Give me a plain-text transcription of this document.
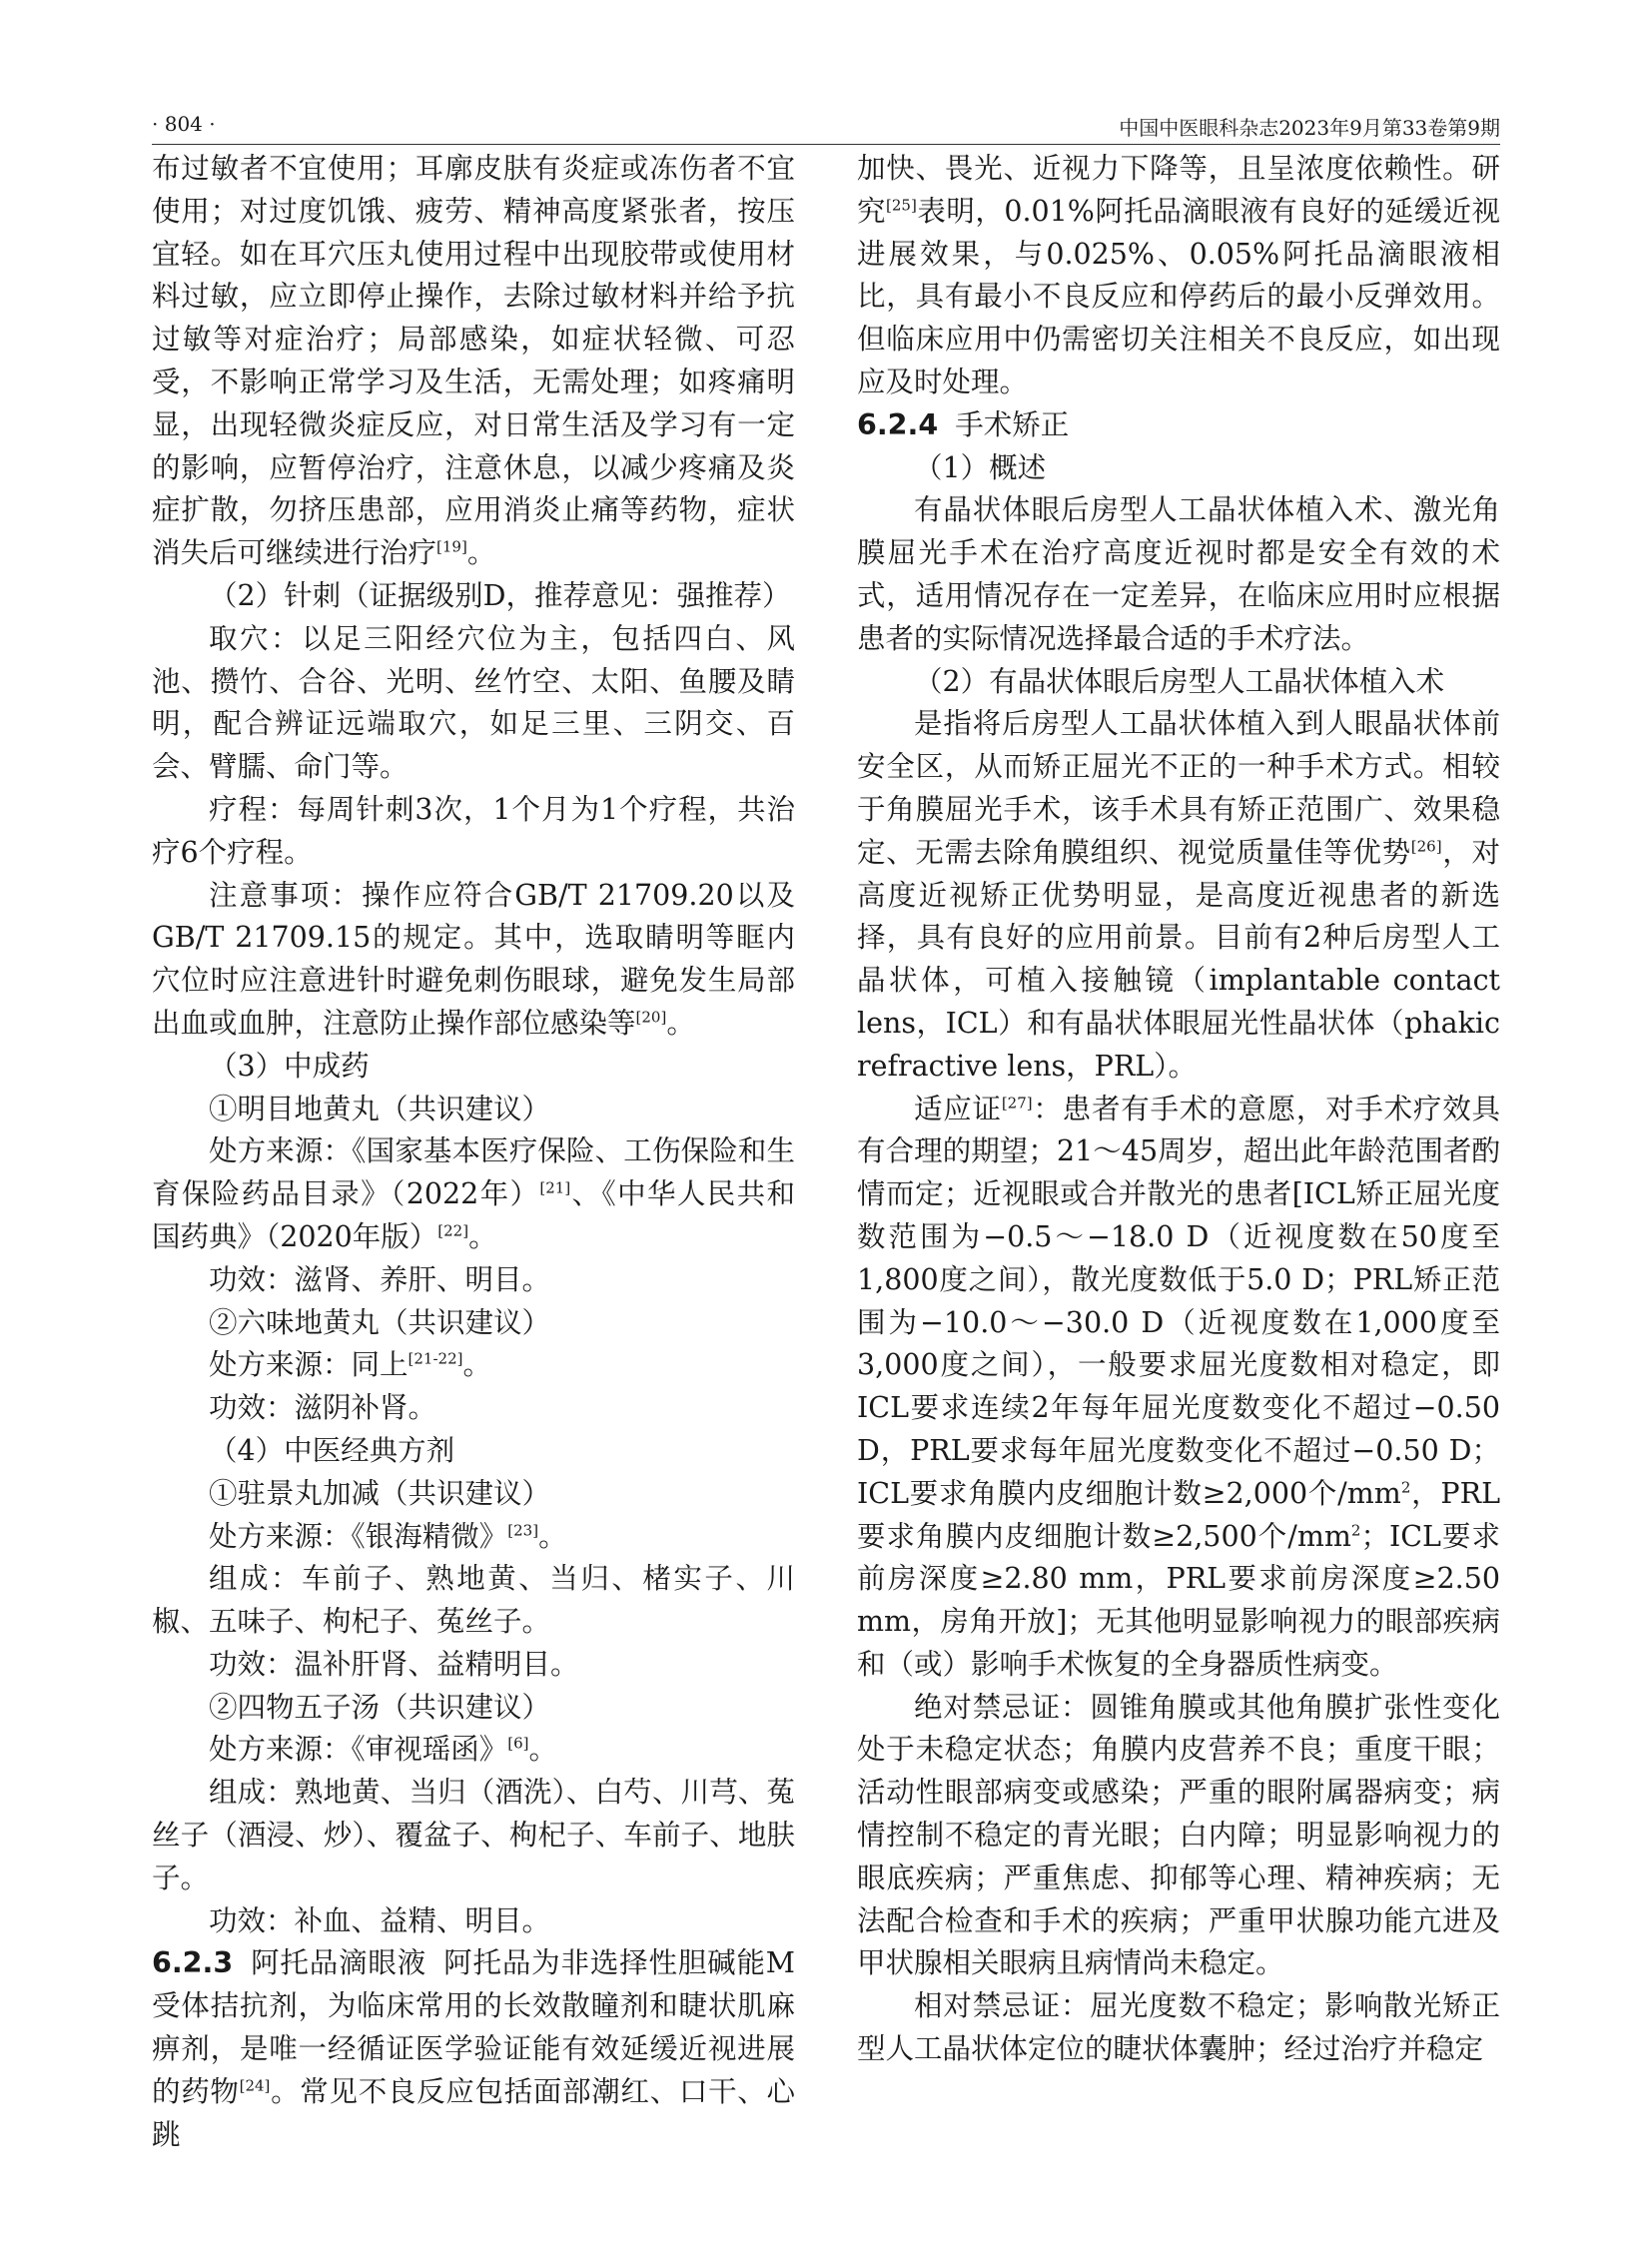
· 804 ·	中国中医眼科杂志2023年9月第33卷第9期

布过敏者不宜使用；耳廓皮肤有炎症或冻伤者不宜使用；对过度饥饿、疲劳、精神高度紧张者，按压宜轻。如在耳穴压丸使用过程中出现胶带或使用材料过敏，应立即停止操作，去除过敏材料并给予抗过敏等对症治疗；局部感染，如症状轻微、可忍受，不影响正常学习及生活，无需处理；如疼痛明显，出现轻微炎症反应，对日常生活及学习有一定的影响，应暂停治疗，注意休息，以减少疼痛及炎症扩散，勿挤压患部，应用消炎止痛等药物，症状消失后可继续进行治疗[19]。

（2）针刺（证据级别D，推荐意见：强推荐）

取穴：以足三阳经穴位为主，包括四白、风池、攒竹、合谷、光明、丝竹空、太阳、鱼腰及睛明，配合辨证远端取穴，如足三里、三阴交、百会、臂臑、命门等。

疗程：每周针刺3次，1个月为1个疗程，共治疗6个疗程。

注意事项：操作应符合GB/T 21709.20以及GB/T 21709.15的规定。其中，选取睛明等眶内穴位时应注意进针时避免刺伤眼球，避免发生局部出血或血肿，注意防止操作部位感染等[20]。

（3）中成药

①明目地黄丸（共识建议）

处方来源：《国家基本医疗保险、工伤保险和生育保险药品目录》（2022年）[21]、《中华人民共和国药典》（2020年版）[22]。

功效：滋肾、养肝、明目。

②六味地黄丸（共识建议）

处方来源：同上[21-22]。

功效：滋阴补肾。

（4）中医经典方剂

①驻景丸加减（共识建议）

处方来源：《银海精微》[23]。

组成：车前子、熟地黄、当归、楮实子、川椒、五味子、枸杞子、菟丝子。

功效：温补肝肾、益精明目。

②四物五子汤（共识建议）

处方来源：《审视瑶函》[6]。

组成：熟地黄、当归（酒洗）、白芍、川芎、菟丝子（酒浸、炒）、覆盆子、枸杞子、车前子、地肤子。

功效：补血、益精、明目。

6.2.3 阿托品滴眼液 阿托品为非选择性胆碱能M受体拮抗剂，为临床常用的长效散瞳剂和睫状肌麻痹剂，是唯一经循证医学验证能有效延缓近视进展的药物[24]。常见不良反应包括面部潮红、口干、心跳

加快、畏光、近视力下降等，且呈浓度依赖性。研究[25]表明，0.01%阿托品滴眼液有良好的延缓近视进展效果，与0.025%、0.05%阿托品滴眼液相比，具有最小不良反应和停药后的最小反弹效用。但临床应用中仍需密切关注相关不良反应，如出现应及时处理。

6.2.4 手术矫正

（1）概述

有晶状体眼后房型人工晶状体植入术、激光角膜屈光手术在治疗高度近视时都是安全有效的术式，适用情况存在一定差异，在临床应用时应根据患者的实际情况选择最合适的手术疗法。

（2）有晶状体眼后房型人工晶状体植入术

是指将后房型人工晶状体植入到人眼晶状体前安全区，从而矫正屈光不正的一种手术方式。相较于角膜屈光手术，该手术具有矫正范围广、效果稳定、无需去除角膜组织、视觉质量佳等优势[26]，对高度近视矫正优势明显，是高度近视患者的新选择，具有良好的应用前景。目前有2种后房型人工晶状体，可植入接触镜（implantable contact lens，ICL）和有晶状体眼屈光性晶状体（phakic refractive lens，PRL）。

适应证[27]：患者有手术的意愿，对手术疗效具有合理的期望；21～45周岁，超出此年龄范围者酌情而定；近视眼或合并散光的患者[ICL矫正屈光度数范围为−0.5～−18.0 D（近视度数在50度至1,800度之间），散光度数低于5.0 D；PRL矫正范围为−10.0～−30.0 D（近视度数在1,000度至3,000度之间），一般要求屈光度数相对稳定，即ICL要求连续2年每年屈光度数变化不超过−0.50 D，PRL要求每年屈光度数变化不超过−0.50 D；ICL要求角膜内皮细胞计数≥2,000个$/mm^2$，PRL要求角膜内皮细胞计数≥2,500个$/mm^2$；ICL要求前房深度≥2.80 mm，PRL要求前房深度≥2.50 mm，房角开放]；无其他明显影响视力的眼部疾病和（或）影响手术恢复的全身器质性病变。

绝对禁忌证：圆锥角膜或其他角膜扩张性变化处于未稳定状态；角膜内皮营养不良；重度干眼；活动性眼部病变或感染；严重的眼附属器病变；病情控制不稳定的青光眼；白内障；明显影响视力的眼底疾病；严重焦虑、抑郁等心理、精神疾病；无法配合检查和手术的疾病；严重甲状腺功能亢进及甲状腺相关眼病且病情尚未稳定。

相对禁忌证：屈光度数不稳定；影响散光矫正型人工晶状体定位的睫状体囊肿；经过治疗并稳定
